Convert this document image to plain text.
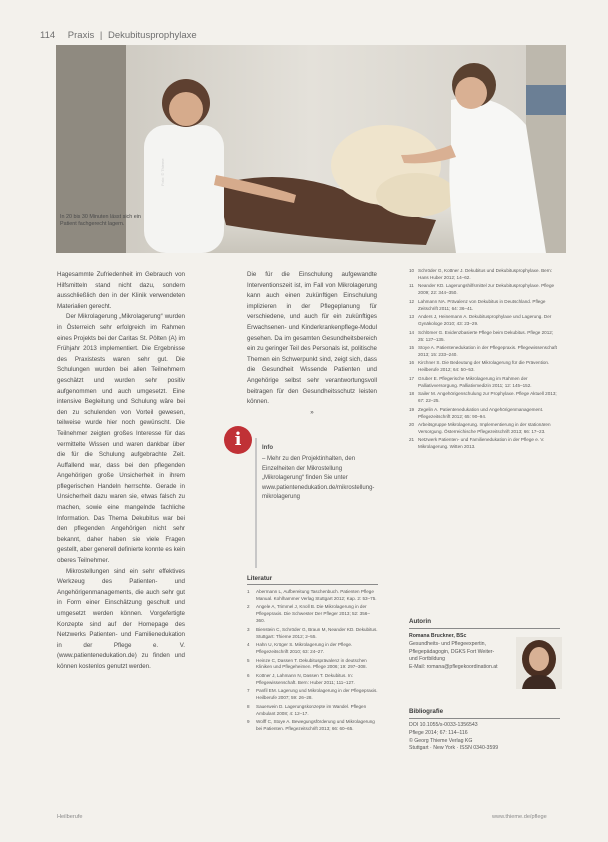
114 Praxis | Dekubitusprophylaxe
Foto: © Thieme
In 20 bis 30 Minuten lässt sich ein Patient fachgerecht lagern.

Hagesammte Zufriedenheit im Gebrauch von Hilfsmitteln stand nicht dazu, sondern ausschließlich den in der Klinik verwendeten Materialien gerecht.

Der Mikrolagerung „Mikrolagerung“ wurden in Österreich sehr erfolgreich im Rahmen eines Projekts bei der Caritas St. Pölten (A) im Frühjahr 2013 implementiert. Die Ergebnisse des Praxistests waren sehr gut. Die Schulungen wurden bei allen Teilnehmern geschätzt und wurden sehr positiv aufgenommen und auch umgesetzt. Eine intensive Begleitung und Schulung wäre bei den zu schulenden von Vorteil gewesen, teilweise wurde hier noch gewünscht. Die Teilnehmer zeigten großes Interesse für das vermittelte Wissen und waren dankbar über die für die Schulung aufgebrachte Zeit. Auffallend war, dass bei den pflegenden Angehörigen große Unsicherheit in ihrem pflegerischen Handeln herrschte. Gerade in Unsicherheit dazu waren sie, etwas falsch zu machen, sowie eine mangelnde fachliche Information. Das Thema Dekubitus war bei den pflegenden Angehörigen nicht sehr bekannt, daher haben sie viele Fragen gestellt, aber generell definierte konnte es kein oberes Teilnehmer.

Mikrostellungen sind ein sehr effektives Werkzeug des Patienten- und Angehörigenmanagements, die auch sehr gut in Form einer Einschätzung geschult und umgesetzt werden können. Vorgefertigte Konzepte sind auf der Homepage des Netzwerks Patienten- und Familienedukation in der Pflege e. V. (www.patientenedukation.de) zu finden und können kostenlos genutzt werden.

Die für die Einschulung aufgewandte Interventionszeit ist, im Fall von Mikrolagerung kann auch einen zukünftigen Einschulung implizieren in der Pflegeplanung für verschiedene, und auch für ein zukünftiges Erwachsenen- und Kinderkrankenpflege-Modul gesehen. Da im gesamten Gesundheitsbereich ein zu geringer Teil des Personals ist, politische Themen ein Schwerpunkt sind, zeigt sich, dass die Gesundheit Wissende Patienten und Angehörige selbst sehr verantwortungsvoll beitragen für den Gesundheitsschutz leisten können.

»
i	Info
– Mehr zu den Projektinhalten, den Einzelheiten der Mikrostellung „Mikrolagerung“ finden Sie unter www.patientenedukation.de/mikrostellung-mikrolagerung
Literatur
1 Abermann L, Aufbereitung Taschenbuch. Patienten Pflege Manual. Kohlhammer Verlag Stuttgart 2012; Kap. 2: 53–75.
2 Angele A, Trimmel J, Knoll B. Die Mikrolagerung in der Pflegepraxis. Die Schwester Der Pfleger 2013; 52: 356–360.
3 Bienstein C, Schröder G, Braun M, Neander KD. Dekubitus. Stuttgart: Thieme 2012; 2–55.
4 Hahn U, Kröger S. Mikrolagerung in der Pflege. Pflegezeitschrift 2010; 63: 24–27.
5 Heinze C, Dassen T. Dekubitusprävalenz in deutschen Kliniken und Pflegeheimen. Pflege 2006; 19: 297–308.
6 Kottner J, Lahmann N, Dassen T. Dekubitus. In: Pflegewissenschaft. Bern: Huber 2011; 111–127.
7 Panfil EM. Lagerung und Mikrolagerung in der Pflegepraxis. Heilberufe 2007; 59: 26–28.
8 Sauerwein D. Lagerungskonzepte im Wandel. Pflegen Ambulant 2008; 4: 12–17.
9 Wolff C, Stoye A. Bewegungsförderung und Mikrolagerung bei Patienten. Pflegezeitschrift 2013; 66: 60–65.
10 Schröder G, Kottner J. Dekubitus und Dekubitusprophylaxe. Bern: Hans Huber 2012; 14–62.
11 Neander KD. Lagerungshilfsmittel zur Dekubitusprophylaxe. Pflege 2009; 22: 344–350.
12 Lahmann NA. Prävalenz von Dekubitus in Deutschland. Pflege Zeitschrift 2011; 64: 36–41.
13 Anders J, Heinemann A. Dekubitusprophylaxe und Lagerung. Der Gynäkologe 2010; 43: 23–29.
14 Schlömer G. Evidenzbasierte Pflege beim Dekubitus. Pflege 2012; 25: 127–135.
15 Stoye A. Patientenedukation in der Pflegepraxis. Pflegewissenschaft 2013; 15: 233–240.
16 Kirchner S. Die Bedeutung der Mikrolagerung für die Prävention. Heilberufe 2012; 64: 50–53.
17 Gruber E. Pflegerische Mikrolagerung im Rahmen der Palliativversorgung. Palliativmedizin 2011; 12: 145–152.
18 Sailer M. Angehörigenschulung zur Prophylaxe. Pflege Aktuell 2013; 67: 22–25.
19 Zegelin A. Patientenedukation und Angehörigenmanagement. Pflegezeitschrift 2012; 65: 90–94.
20 Arbeitsgruppe Mikrolagerung. Implementierung in der stationären Versorgung. Österreichische Pflegezeitschrift 2013; 66: 17–23.
21 Netzwerk Patienten- und Familienedukation in der Pflege e. V. Mikrolagerung. Witten 2013.
Autorin
Romana Bruckner, BSc
Gesundheits- und Pflegeexpertin,
Pflegepädagogin, DGKS Fort Weiter-
und Fortbildung
E-Mail: romana@pflegekoordination.at
Bibliografie
DOI 10.1055/s-0033-1356543
Pflege 2014; 67: 114–116
© Georg Thieme Verlag KG
Stuttgart · New York · ISSN 0340-3599
Heilberufe	www.thieme.de/pflege
